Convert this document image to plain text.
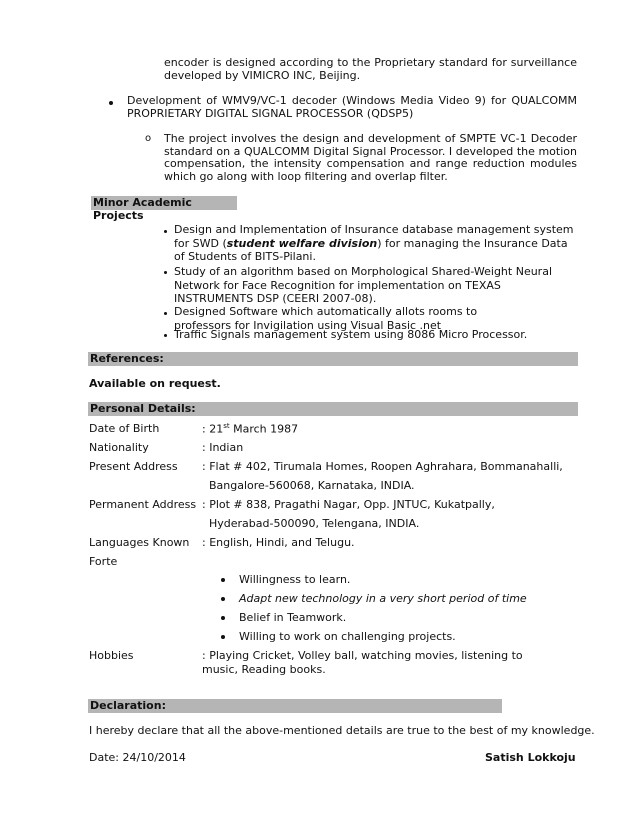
encoder is designed according to the Proprietary standard for surveillance developed by VIMICRO INC, Beijing.
Development of WMV9/VC-1 decoder (Windows Media Video 9) for QUALCOMM PROPRIETARY DIGITAL SIGNAL PROCESSOR (QDSP5)
o The project involves the design and development of SMPTE VC-1 Decoder standard on a QUALCOMM Digital Signal Processor. I developed the motion compensation, the intensity compensation and range reduction modules which go along with loop filtering and overlap filter.
Minor Academic Projects
Design and Implementation of Insurance database management system for SWD (student welfare division) for managing the Insurance Data of Students of BITS-Pilani.
Study of an algorithm based on Morphological Shared-Weight Neural Network for Face Recognition for implementation on TEXAS INSTRUMENTS DSP (CEERI 2007-08).
Designed Software which automatically allots rooms to professors for Invigilation using Visual Basic .net
Traffic Signals management system using 8086 Micro Processor.
References:
Available on request.
Personal Details:
Date of Birth	: 21st March 1987
Nationality	: Indian
Present Address : Flat # 402, Tirumala Homes, Roopen Aghrahara, Bommanahalli,
Bangalore-560068, Karnataka, INDIA.
Permanent Address : Plot # 838, Pragathi Nagar, Opp. JNTUC, Kukatpally,
Hyderabad-500090, Telengana, INDIA.
Languages Known : English, Hindi, and Telugu.
Forte
Willingness to learn.
Adapt new technology in a very short period of time
Belief in Teamwork.
Willing to work on challenging projects.
Hobbies	: Playing Cricket, Volley ball, watching movies, listening to music, Reading books.
Declaration:
I hereby declare that all the above-mentioned details are true to the best of my knowledge.
Date: 24/10/2014	Satish Lokkoju
